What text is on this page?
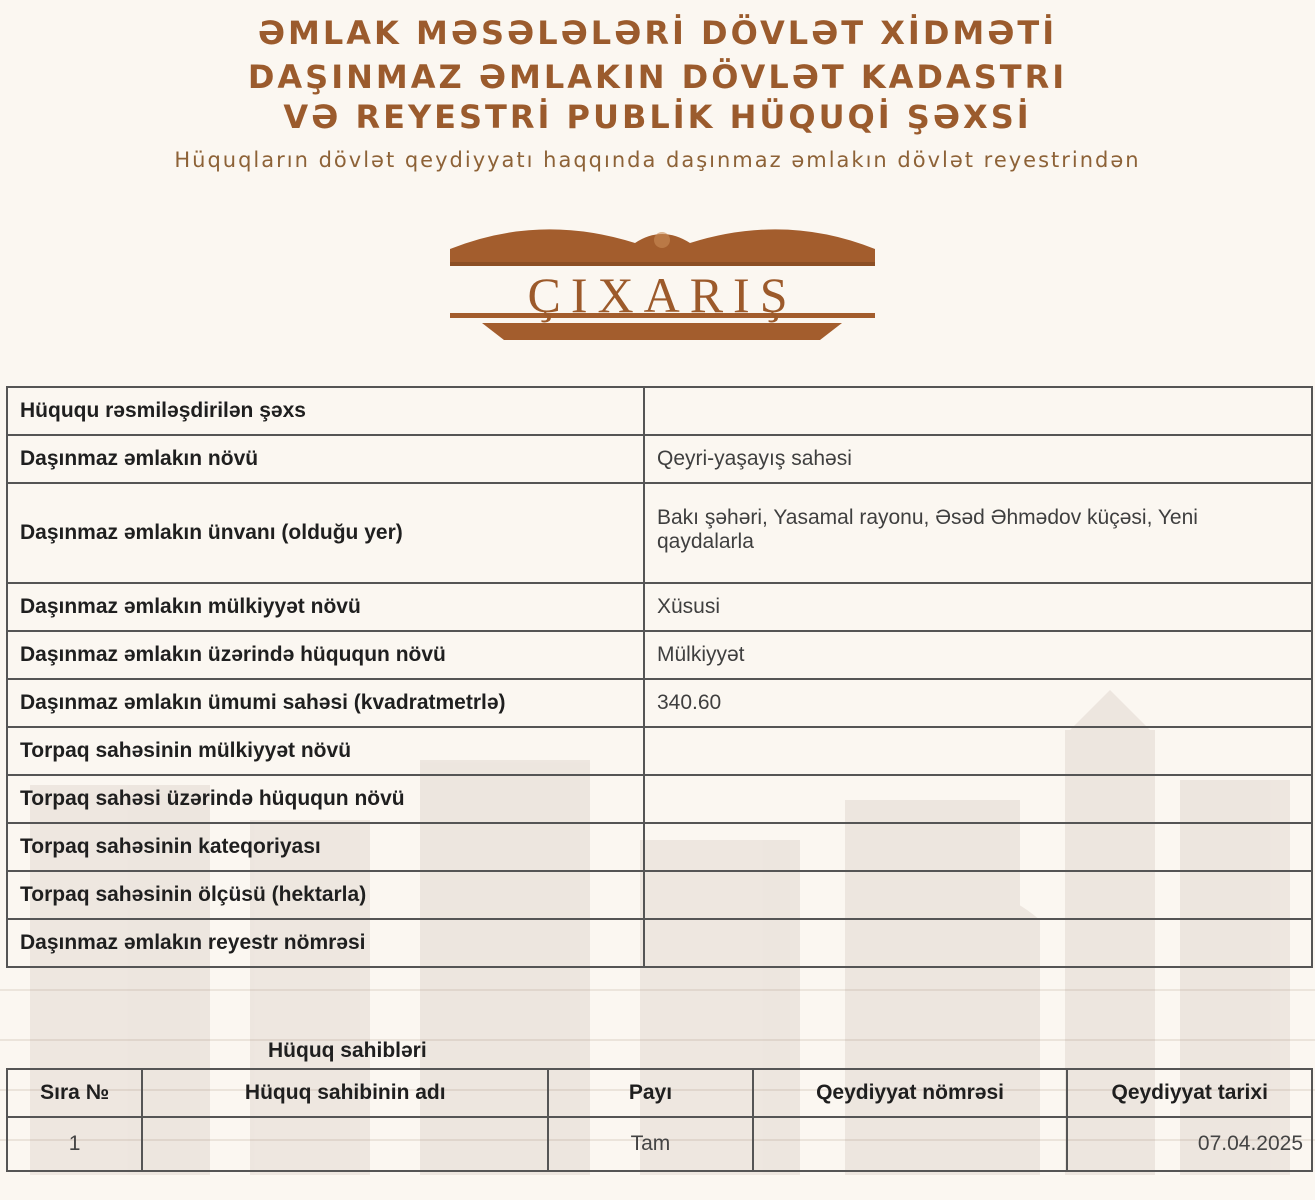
ƏMLAK MƏSƏLƏLƏRİ DÖVLƏT XİDMƏTİ
DAŞINMAZ ƏMLAKIN DÖVLƏT KADASTRI
VƏ REYESTRİ PUBLİK HÜQUQİ ŞƏXSİ
Hüquqların dövlət qeydiyyatı haqqında daşınmaz əmlakın dövlət reyestrindən
ÇIXARIŞ
Hüququ rəsmiləşdirilən şəxs	
Daşınmaz əmlakın növü	Qeyri-yaşayış sahəsi
Daşınmaz əmlakın ünvanı (olduğu yer)	Bakı şəhəri, Yasamal rayonu, Əsəd Əhmədov küçəsi, Yeni qaydalarla

Daşınmaz əmlakın mülkiyyət növü	Xüsusi
Daşınmaz əmlakın üzərində hüququn növü	Mülkiyyət
Daşınmaz əmlakın ümumi sahəsi (kvadratmetrlə)	340.60
Torpaq sahəsinin mülkiyyət növü	
Torpaq sahəsi üzərində hüququn növü	
Torpaq sahəsinin kateqoriyası	
Torpaq sahəsinin ölçüsü (hektarla)	
Daşınmaz əmlakın reyestr nömrəsi	
Hüquq sahibləri
Sıra №	Hüquq sahibinin adı	Payı	Qeydiyyat nömrəsi	Qeydiyyat tarixi
1		Tam		07.04.2025
